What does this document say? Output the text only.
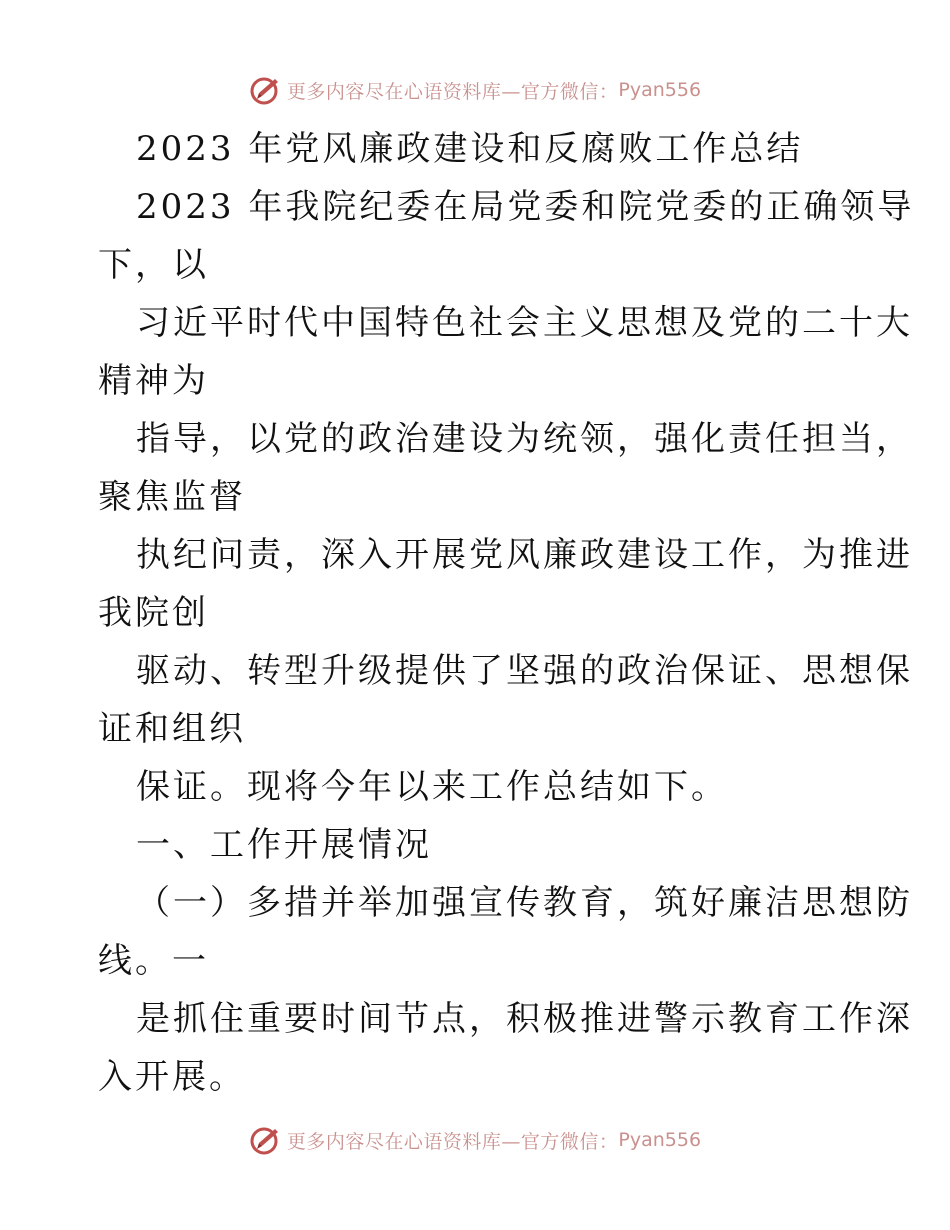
更多内容尽在心语资料库—官方微信： Pyan556
2023 年党风廉政建设和反腐败工作总结
2023 年我院纪委在局党委和院党委的正确领导
下，以
习近平时代中国特色社会主义思想及党的二十大
精神为
指导，以党的政治建设为统领，强化责任担当，
聚焦监督
执纪问责，深入开展党风廉政建设工作，为推进
我院创
驱动、转型升级提供了坚强的政治保证、思想保
证和组织
保证。现将今年以来工作总结如下。
一、工作开展情况
（一）多措并举加强宣传教育，筑好廉洁思想防
线。一
是抓住重要时间节点，积极推进警示教育工作深
入开展。
更多内容尽在心语资料库—官方微信： Pyan556
